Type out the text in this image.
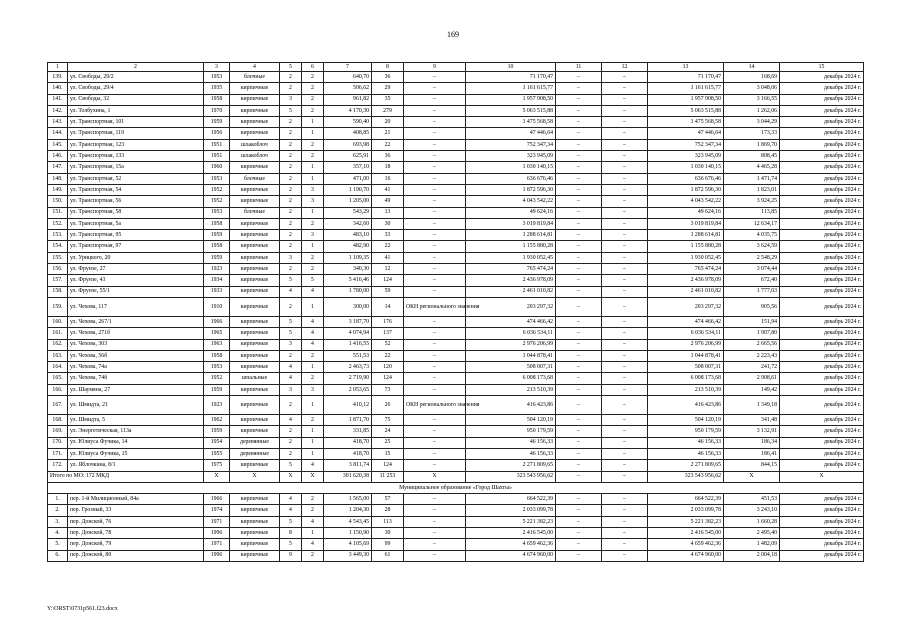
169
1	2	3	4	5	6	7	8	9	10	11	12	13	14	15
139.	ул. Свободы, 29/2	1953	блочные	2	2	640,70	36	–	71 170,47	–	–	71 170,47	168,69	декабрь 2024 г.
140.	ул. Свободы, 29/4	1935	кирпичные	2	2	506,62	29	–	1 161 615,77	–	–	1 161 615,77	3 048,06	декабрь 2024 г.
141.	ул. Свободы, 32	1958	кирпичные	3	2	961,82	35	–	1 957 908,50	–	–	1 957 908,50	3 166,55	декабрь 2024 г.
142.	ул. Толбухина, 1	1970	кирпичные	5	2	4 170,30	279	–	5 063 515,88	–	–	5 063 515,88	1 262,06	декабрь 2024 г.
143.	ул. Транспортная, 101	1959	кирпичные	2	1	590,40	20	–	1 475 568,58	–	–	1 475 568,58	3 044,29	декабрь 2024 г.
144.	ул. Транспортная, 119	1956	кирпичные	2	1	408,85	21	–	47 446,64	–	–	47 446,64	173,33	декабрь 2024 г.
145.	ул. Транспортная, 123	1951	шлакоблоч	2	2	693,98	22	–	752 347,34	–	–	752 347,34	1 869,70	декабрь 2024 г.
146.	ул. Транспортная, 133	1951	шлакоблоч	2	2	625,91	36	–	323 945,09	–	–	323 945,09	808,45	декабрь 2024 г.
147.	ул. Транспортная, 15а	1960	кирпичные	2	1	357,10	18	–	1 030 140,15	–	–	1 030 140,15	4 465,28	декабрь 2024 г.
148.	ул. Транспортная, 52	1953	блочные	2	1	471,00	16	–	636 676,46	–	–	636 676,46	1 471,74	декабрь 2024 г.
149.	ул. Транспортная, 54	1952	кирпичные	2	3	1 190,70	41	–	1 872 596,30	–	–	1 872 596,30	1 823,01	декабрь 2024 г.
150.	ул. Транспортная, 56	1952	кирпичные	2	3	1 205,00	49	–	4 043 542,22	–	–	4 043 542,22	3 924,25	декабрь 2024 г.
151.	ул. Транспортная, 58	1953	блочные	2	1	543,29	13	–	49 624,16	–	–	49 624,16	113,85	декабрь 2024 г.
152.	ул. Транспортная, 5а	1958	кирпичные	2	2	342,60	30	–	3 019 819,84	–	–	3 019 819,84	12 634,17	декабрь 2024 г.
153.	ул. Транспортная, 95	1959	кирпичные	2	3	483,10	33	–	1 288 614,81	–	–	1 288 614,81	4 035,75	декабрь 2024 г.
154.	ул. Транспортная, 97	1958	кирпичные	2	1	482,90	22	–	1 155 880,28	–	–	1 155 880,28	3 624,59	декабрь 2024 г.
155.	ул. Урицкого, 20	1959	кирпичные	3	2	1 109,35	41	–	1 930 052,45	–	–	1 930 052,45	2 548,29	декабрь 2024 г.
156.	ул. Фрунзе, 27	1923	кирпичные	2	2	340,30	12	–	765 474,24	–	–	765 474,24	3 074,44	декабрь 2024 г.
157.	ул. Фрунзе, 43	1934	кирпичные	5	5	5 416,46	124	–	2 436 978,09	–	–	2 436 978,09	672,40	декабрь 2024 г.
158.	ул. Фрунзе, 55/1	1933	кирпичные	4	4	1 780,00	59	–	2 461 010,82	–	–	2 461 010,82	1 777,03	декабрь 2024 г.
159.	ул. Чехова, 117	1910	кирпичные	2	1	300,00	14	ОКН регионального значения	203 297,32	–	–	203 297,32	905,56	декабрь 2024 г.
160.	ул. Чехова, 267/1	1966	кирпичные	5	4	3 187,70	176	–	474 466,42	–	–	474 466,42	151,94	декабрь 2024 г.
161.	ул. Чехова, 271б	1965	кирпичные	5	4	4 074,94	137	–	6 036 534,11	–	–	6 036 534,11	1 907,80	декабрь 2024 г.
162.	ул. Чехова, 303	1963	кирпичные	3	4	1 416,55	52	–	2 976 206,99	–	–	2 976 206,99	2 665,56	декабрь 2024 г.
163.	ул. Чехова, 56б	1958	кирпичные	2	2	551,53	22	–	1 044 878,41	–	–	1 044 878,41	2 223,43	декабрь 2024 г.
164.	ул. Чехова, 74а	1953	кирпичные	4	1	2 463,73	120	–	508 007,31	–	–	508 007,31	241,72	декабрь 2024 г.
165.	ул. Чехова, 74б	1952	шпальные	4	2	2 719,90	124	–	6 008 173,68	–	–	6 008 173,68	2 908,61	декабрь 2024 г.
166.	ул. Шаумяна, 27	1959	кирпичные	3	3	2 053,65	73	–	213 510,39	–	–	213 510,39	149,42	декабрь 2024 г.
167.	ул. Шмидта, 21	1923	кирпичные	2	1	410,12	26	ОКН регионального значения	416 423,86	–	–	416 423,86	1 349,18	декабрь 2024 г.
168.	ул. Шмидта, 5	1962	кирпичные	4	2	1 871,70	75	–	504 120,19	–	–	504 120,19	341,48	декабрь 2024 г.
169.	ул. Энергетическая, 113а	1959	кирпичные	2	1	331,85	24	–	950 179,59	–	–	950 179,59	3 132,91	декабрь 2024 г.
170.	ул. Юлиуса Фучика, 14	1954	деревянные	2	1	418,70	25	–	46 156,33	–	–	46 156,33	186,34	декабрь 2024 г.
171.	ул. Юлиуса Фучика, 15	1955	деревянные	2	1	418,70	15	–	46 156,33	–	–	46 156,33	186,41	декабрь 2024 г.
172.	ул. Яблочкина, 8/1	1975	кирпичные	5	4	3 811,74	124	–	2 271 809,65	–	–	2 271 809,65	844,15	декабрь 2024 г.
Итого по МО: 172 МКД		X	X	X	X	301 620,38	11 253	X	323 543 956,62	–	–	323 543 956,62	X	X
Муниципальное образование «Город Шахты»														
1.	пер. 1-й Милиционный, 84а	1966	кирпичные	4	2	1 565,00	57	–	664 522,39	–	–	664 522,39	451,53	декабрь 2024 г.
2.	пер. Грозный, 33	1974	кирпичные	4	2	1 204,30	28	–	2 033 099,78	–	–	2 033 099,78	3 243,10	декабрь 2024 г.
3.	пер. Донской, 76	1971	кирпичные	5	4	4 543,45	113	–	5 221 382,23	–	–	5 221 382,23	1 660,28	декабрь 2024 г.
4.	пер. Донской, 78	1996	кирпичные	8	1	1 150,90	30	–	2 416 545,00	–	–	2 416 545,00	2 495,40	декабрь 2024 г.
5.	пер. Донской, 79	1971	кирпичные	5	4	4 105,69	99	–	4 659 462,36	–	–	4 659 462,36	1 482,09	декабрь 2024 г.
6.	пер. Донской, 80	1996	кирпичные	9	2	3 449,30	61	–	4 674 960,00	–	–	4 674 960,00	2 004,18	декабрь 2024 г.
Y:\ORST\0731p561.f23.docx
